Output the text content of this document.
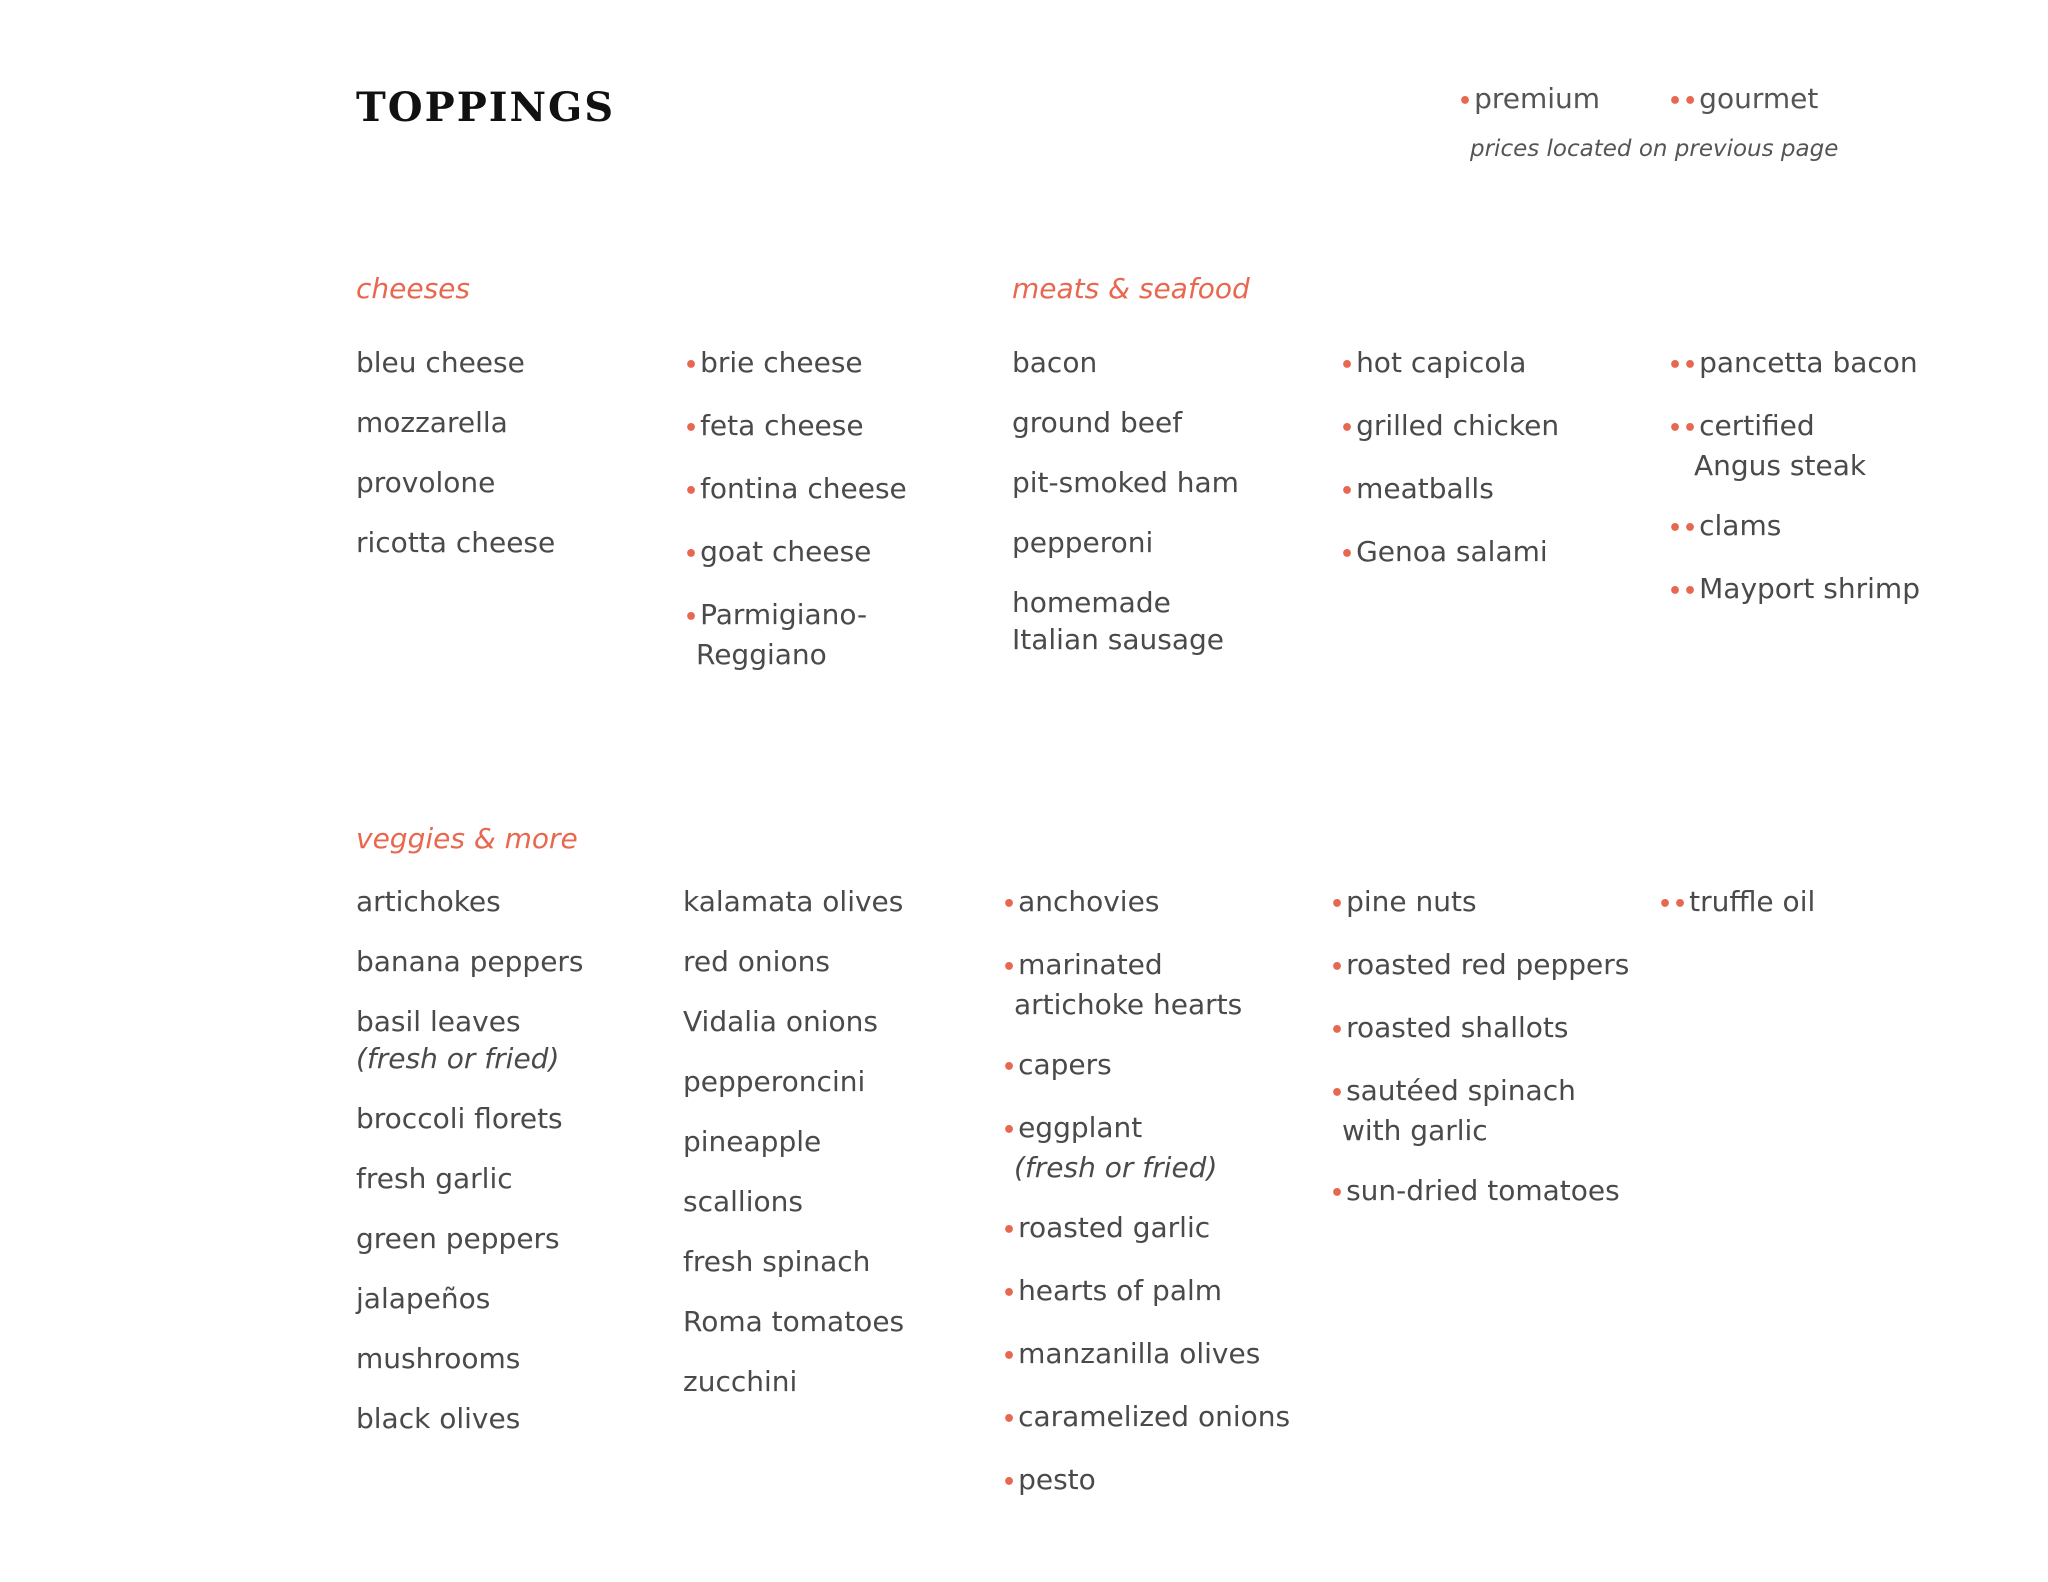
TOPPINGS	•premium	••gourmet
prices located on previous page
cheeses
bleu cheese
mozzarella
provolone
ricotta cheese
•brie cheese
•feta cheese
•fontina cheese
•goat cheese
•Parmigiano-
Reggiano
meats & seafood
bacon
ground beef
pit-smoked ham
pepperoni
homemade
Italian sausage
•hot capicola
•grilled chicken
•meatballs
•Genoa salami
••pancetta bacon
••certified
Angus steak
••clams
••Mayport shrimp
veggies & more
artichokes
banana peppers
basil leaves
(fresh or fried)
broccoli florets
fresh garlic
green peppers
jalapeños
mushrooms
black olives
kalamata olives
red onions
Vidalia onions
pepperoncini
pineapple
scallions
fresh spinach
Roma tomatoes
zucchini
•anchovies
•marinated
artichoke hearts
•capers
•eggplant
(fresh or fried)
•roasted garlic
•hearts of palm
•manzanilla olives
•caramelized onions
•pesto
•pine nuts
•roasted red peppers
•roasted shallots
•sautéed spinach
with garlic
•sun-dried tomatoes
••truffle oil
